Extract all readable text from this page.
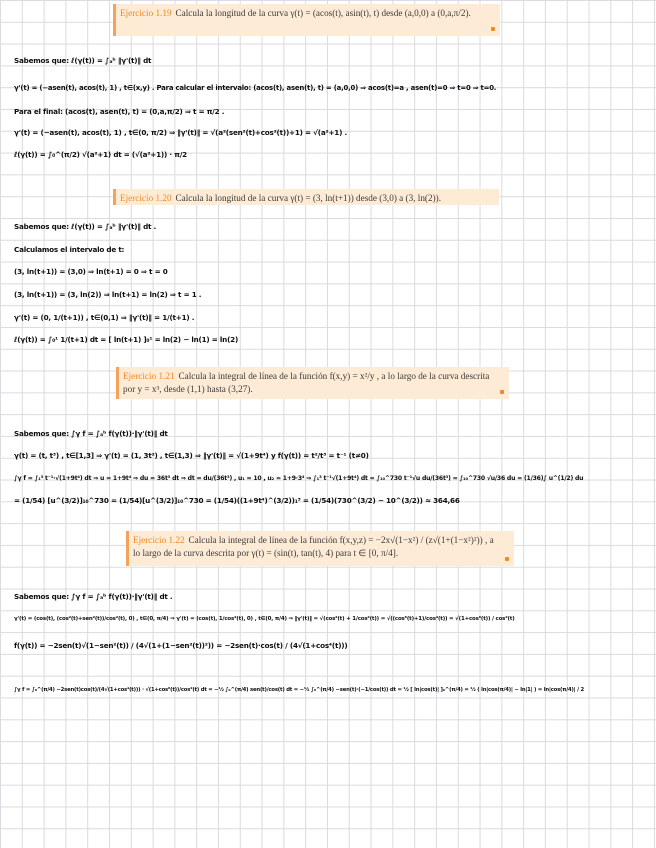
Ejercicio 1.19 Calcula la longitud de la curva γ(t) = (acos(t), asin(t), t) desde (a,0,0) a (0,a,π/2).
Sabemos que: ℓ(γ(t)) = ∫ₐᵇ ‖γ'(t)‖ dt
γ'(t) = (−asen(t), acos(t), 1) , t∈(x,y) . Para calcular el intervalo: (acos(t), asen(t), t) = (a,0,0) ⇒ acos(t)=a , asen(t)=0 ⇒ t=0 ⇒ t=0.
Para el final: (acos(t), asen(t), t) = (0,a,π/2) ⇒ t = π/2 .
γ'(t) = (−asen(t), acos(t), 1) , t∈(0, π/2) ⇒ ‖γ'(t)‖ = √(a²(sen²(t)+cos²(t))+1) = √(a²+1) .
ℓ(γ(t)) = ∫₀^(π/2) √(a²+1) dt = (√(a²+1)) · π/2
Ejercicio 1.20 Calcula la longitud de la curva γ(t) = (3, ln(t+1)) desde (3,0) a (3, ln(2)).
Sabemos que: ℓ(γ(t)) = ∫ₐᵇ ‖γ'(t)‖ dt .
Calculamos el intervalo de t:
(3, ln(t+1)) = (3,0) ⇒ ln(t+1) = 0 ⇒ t = 0
(3, ln(t+1)) = (3, ln(2)) ⇒ ln(t+1) = ln(2) ⇒ t = 1 .
γ'(t) = (0, 1/(t+1)) , t∈(0,1) ⇒ ‖γ'(t)‖ = 1/(t+1) .
ℓ(γ(t)) = ∫₀¹ 1/(t+1) dt = [ ln(t+1) ]₀¹ = ln(2) − ln(1) = ln(2)
Ejercicio 1.21 Calcula la integral de línea de la función f(x,y) = x²/y , a lo largo de la curva descrita por y = x³, desde (1,1) hasta (3,27).
Sabemos que: ∫γ f = ∫ₐᵇ f(γ(t))·‖γ'(t)‖ dt
γ(t) = (t, t³) , t∈[1,3] ⇒ γ'(t) = (1, 3t²) , t∈(1,3) ⇒ ‖γ'(t)‖ = √(1+9t⁴) y f(γ(t)) = t²/t³ = t⁻¹ (t≠0)
∫γ f = ∫₁³ t⁻¹·√(1+9t⁴) dt ⇒ u = 1+9t⁴ ⇒ du = 36t³ dt ⇒ dt = du/(36t³) , u₁ = 10 , u₂ = 1+9·3⁴ ⇒ ∫₁³ t⁻¹√(1+9t⁴) dt = ∫₁₀^730 t⁻¹√u du/(36t³) = ∫₁₀^730 √u/36 du = (1/36)∫ u^(1/2) du
= (1/54) [u^(3/2)]₁₀^730 = (1/54)[u^(3/2)]₁₀^730 = (1/54)((1+9t⁴)^(3/2))₁³ = (1/54)(730^(3/2) − 10^(3/2)) ≈ 364,66
Ejercicio 1.22 Calcula la integral de línea de la función f(x,y,z) = −2x√(1−x²) / (z√(1+(1−x²)²)) , a lo largo de la curva descrita por γ(t) = (sin(t), tan(t), 4) para t ∈ [0, π/4].
Sabemos que: ∫γ f = ∫ₐᵇ f(γ(t))·‖γ'(t)‖ dt .
γ'(t) = (cos(t), (cos²(t)+sen²(t))/cos²(t), 0) , t∈(0, π/4) ⇒ γ'(t) = (cos(t), 1/cos²(t), 0) , t∈(0, π/4) ⇒ ‖γ'(t)‖ = √(cos²(t) + 1/cos⁴(t)) = √((cos⁶(t)+1)/cos⁴(t)) = √(1+cos⁶(t)) / cos²(t)
f(γ(t)) = −2sen(t)√(1−sen²(t)) / (4√(1+(1−sen²(t))²)) = −2sen(t)·cos(t) / (4√(1+cos⁴(t)))
∫γ f = ∫₀^(π/4) −2sen(t)cos(t)/(4√(1+cos⁴(t))) · √(1+cos⁶(t))/cos²(t) dt = −½ ∫₀^(π/4) sen(t)/cos(t) dt = −½ ∫₀^(π/4) −sen(t)·(−1/cos(t)) dt = ½ [ ln|cos(t)| ]₀^(π/4) = ½ ( ln|cos(π/4)| − ln|1| ) = ln|cos(π/4)| / 2
